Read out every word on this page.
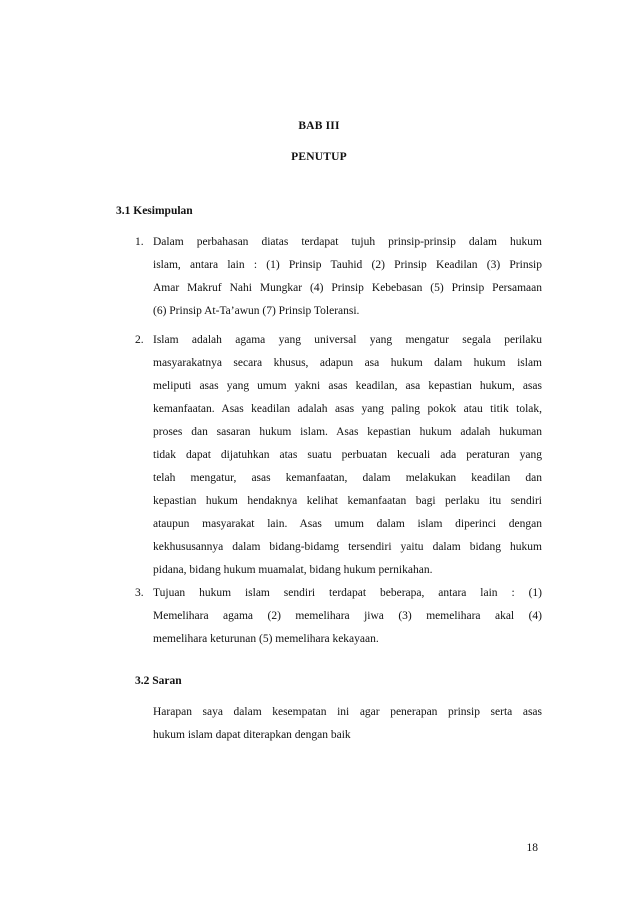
BAB III
PENUTUP
3.1 Kesimpulan
1. Dalam perbahasan diatas terdapat tujuh prinsip-prinsip dalam hukum
islam, antara lain : (1) Prinsip Tauhid (2) Prinsip Keadilan (3) Prinsip
Amar Makruf Nahi Mungkar (4) Prinsip Kebebasan (5) Prinsip Persamaan
(6) Prinsip At-Ta’awun (7) Prinsip Toleransi.
2. Islam adalah agama yang universal yang mengatur segala perilaku
masyarakatnya secara khusus, adapun asa hukum dalam hukum islam
meliputi asas yang umum yakni asas keadilan, asa kepastian hukum, asas
kemanfaatan. Asas keadilan adalah asas yang paling pokok atau titik tolak,
proses dan sasaran hukum islam. Asas kepastian hukum adalah hukuman
tidak dapat dijatuhkan atas suatu perbuatan kecuali ada peraturan yang
telah mengatur, asas kemanfaatan, dalam melakukan keadilan dan
kepastian hukum hendaknya kelihat kemanfaatan bagi perlaku itu sendiri
ataupun masyarakat lain. Asas umum dalam islam diperinci dengan
kekhususannya dalam bidang-bidamg tersendiri yaitu dalam bidang hukum
pidana, bidang hukum muamalat, bidang hukum pernikahan.
3. Tujuan hukum islam sendiri terdapat beberapa, antara lain : (1)
Memelihara agama (2) memelihara jiwa (3) memelihara akal (4)
memelihara keturunan (5) memelihara kekayaan.
3.2 Saran
Harapan saya dalam kesempatan ini agar penerapan prinsip serta asas
hukum islam dapat diterapkan dengan baik
18
